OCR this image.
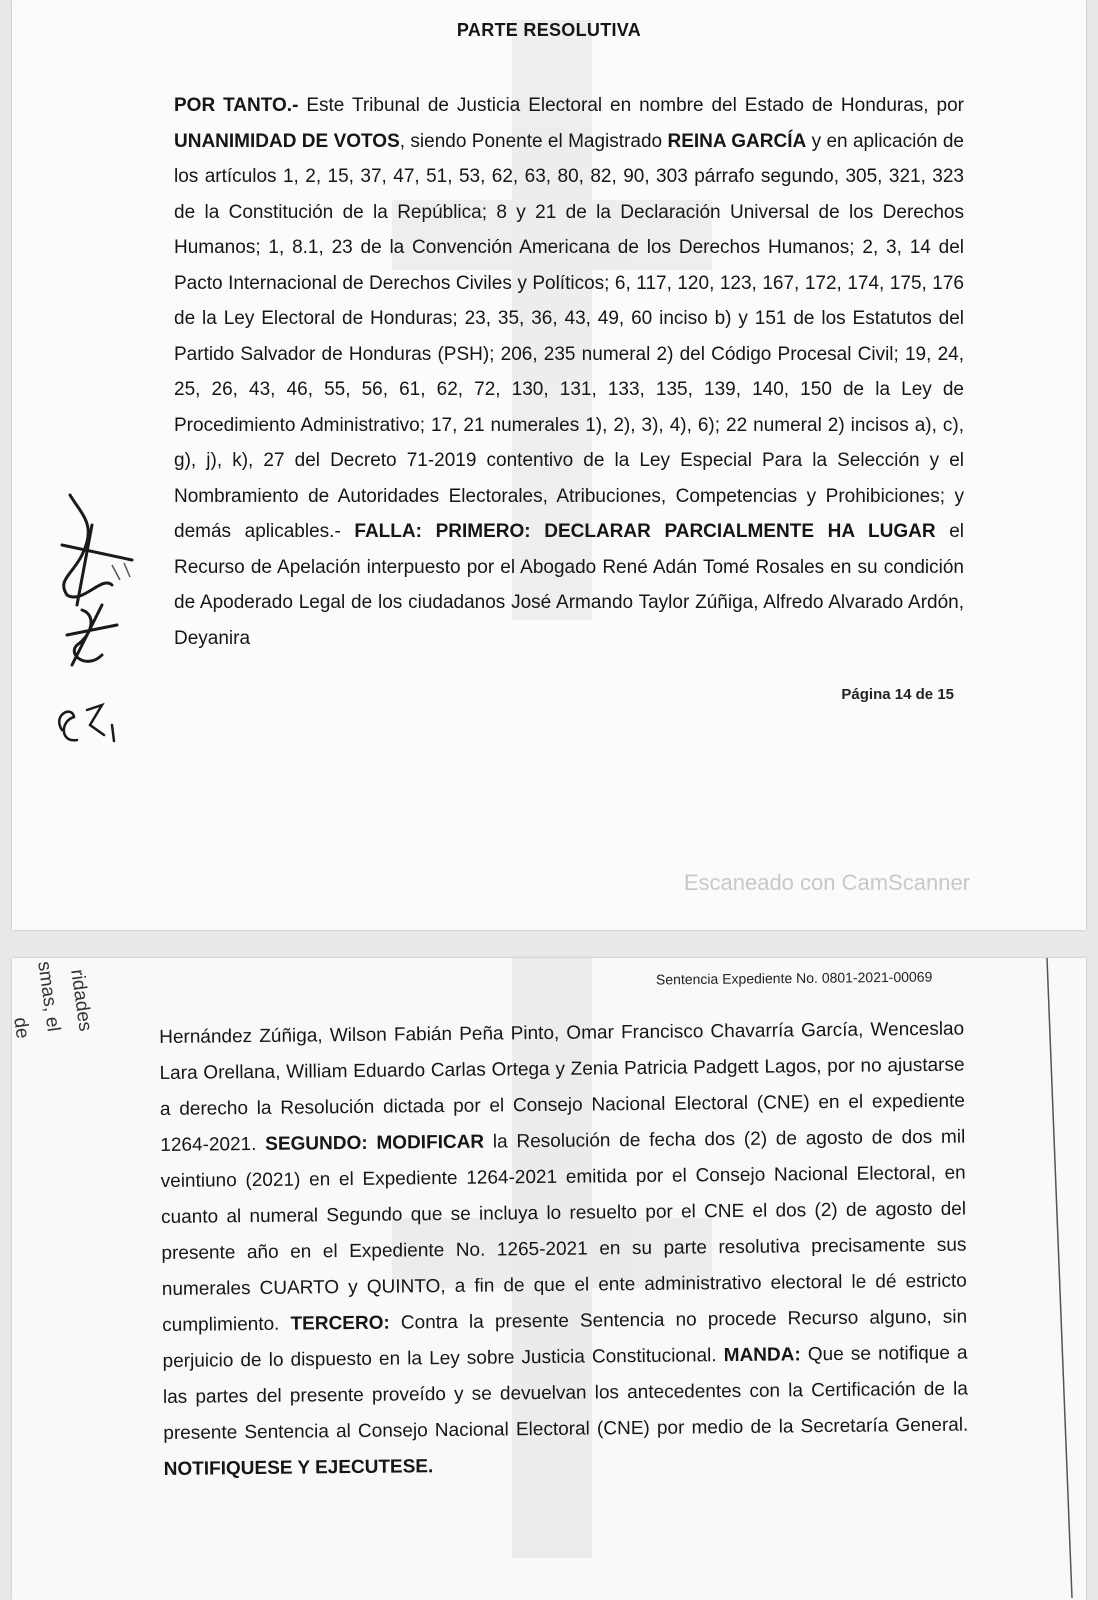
PARTE RESOLUTIVA
POR TANTO.- Este Tribunal de Justicia Electoral en nombre del Estado de Honduras, por UNANIMIDAD DE VOTOS, siendo Ponente el Magistrado REINA GARCÍA y en aplicación de los artículos 1, 2, 15, 37, 47, 51, 53, 62, 63, 80, 82, 90, 303 párrafo segundo, 305, 321, 323 de la Constitución de la República; 8 y 21 de la Declaración Universal de los Derechos Humanos; 1, 8.1, 23 de la Convención Americana de los Derechos Humanos; 2, 3, 14 del Pacto Internacional de Derechos Civiles y Políticos; 6, 117, 120, 123, 167, 172, 174, 175, 176 de la Ley Electoral de Honduras; 23, 35, 36, 43, 49, 60 inciso b) y 151 de los Estatutos del Partido Salvador de Honduras (PSH); 206, 235 numeral 2) del Código Procesal Civil; 19, 24, 25, 26, 43, 46, 55, 56, 61, 62, 72, 130, 131, 133, 135, 139, 140, 150 de la Ley de Procedimiento Administrativo; 17, 21 numerales 1), 2), 3), 4), 6); 22 numeral 2) incisos a), c), g), j), k), 27 del Decreto 71-2019 contentivo de la Ley Especial Para la Selección y el Nombramiento de Autoridades Electorales, Atribuciones, Competencias y Prohibiciones; y demás aplicables.- FALLA: PRIMERO: DECLARAR PARCIALMENTE HA LUGAR el Recurso de Apelación interpuesto por el Abogado René Adán Tomé Rosales en su condición de Apoderado Legal de los ciudadanos José Armando Taylor Zúñiga, Alfredo Alvarado Ardón, Deyanira
Página 14 de 15
Escaneado con CamScanner
ridades
smas, el
de
Sentencia Expediente No. 0801-2021-00069
Hernández Zúñiga, Wilson Fabián Peña Pinto, Omar Francisco Chavarría García, Wenceslao Lara Orellana, William Eduardo Carlas Ortega y Zenia Patricia Padgett Lagos, por no ajustarse a derecho la Resolución dictada por el Consejo Nacional Electoral (CNE) en el expediente 1264-2021. SEGUNDO: MODIFICAR la Resolución de fecha dos (2) de agosto de dos mil veintiuno (2021) en el Expediente 1264-2021 emitida por el Consejo Nacional Electoral, en cuanto al numeral Segundo que se incluya lo resuelto por el CNE el dos (2) de agosto del presente año en el Expediente No. 1265-2021 en su parte resolutiva precisamente sus numerales CUARTO y QUINTO, a fin de que el ente administrativo electoral le dé estricto cumplimiento. TERCERO: Contra la presente Sentencia no procede Recurso alguno, sin perjuicio de lo dispuesto en la Ley sobre Justicia Constitucional. MANDA: Que se notifique a las partes del presente proveído y se devuelvan los antecedentes con la Certificación de la presente Sentencia al Consejo Nacional Electoral (CNE) por medio de la Secretaría General. NOTIFIQUESE Y EJECUTESE.
